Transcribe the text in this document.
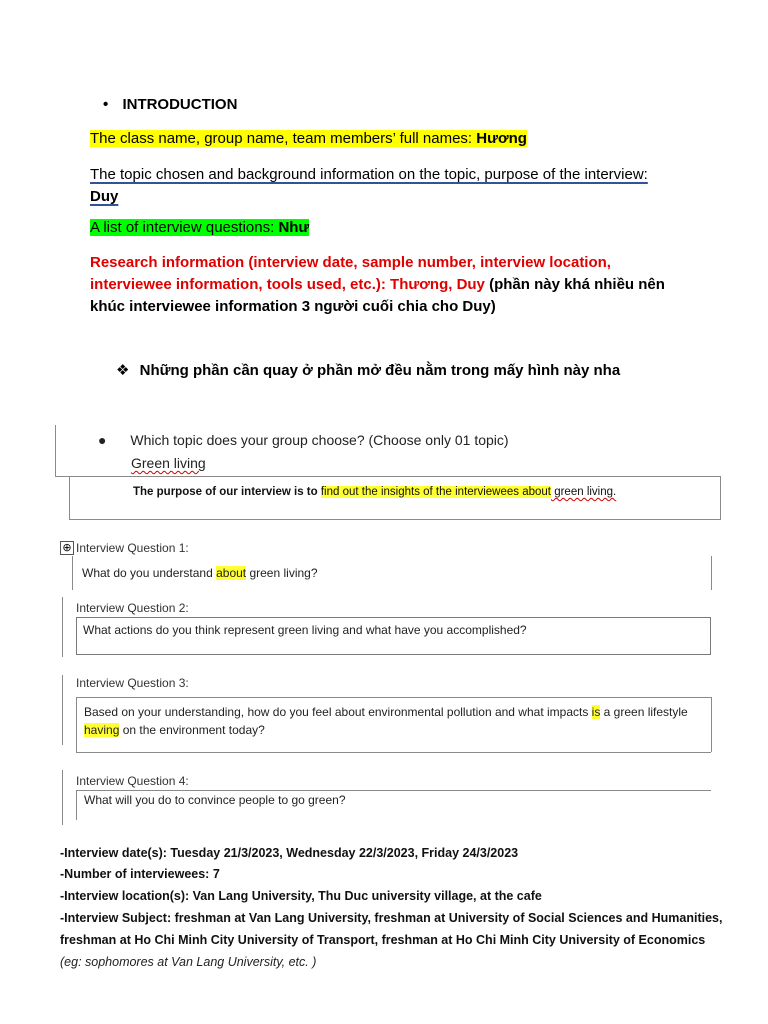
• INTRODUCTION
The class name, group name, team members’ full names: Hương
The topic chosen and background information on the topic, purpose of the interview: Duy
A list of interview questions: Như
Research information (interview date, sample number, interview location, interviewee information, tools used, etc.): Thương, Duy (phần này khá nhiều nên khúc interviewee information 3 người cuối chia cho Duy)
❖ Những phần cần quay ở phần mở đều nằm trong mấy hình này nha
● Which topic does your group choose? (Choose only 01 topic)
Green living
The purpose of our interview is to find out the insights of the interviewees about green living.
⊕ Interview Question 1:
What do you understand about green living?
Interview Question 2:
What actions do you think represent green living and what have you accomplished?
Interview Question 3:
Based on your understanding, how do you feel about environmental pollution and what impacts is a green lifestyle having on the environment today?
Interview Question 4:
What will you do to convince people to go green?
-Interview date(s): Tuesday 21/3/2023, Wednesday 22/3/2023, Friday 24/3/2023
-Number of interviewees: 7
-Interview location(s): Van Lang University, Thu Duc university village, at the cafe
-Interview Subject: freshman at Van Lang University, freshman at University of Social Sciences and Humanities,
freshman at Ho Chi Minh City University of Transport, freshman at Ho Chi Minh City University of Economics
(eg: sophomores at Van Lang University, etc. )
